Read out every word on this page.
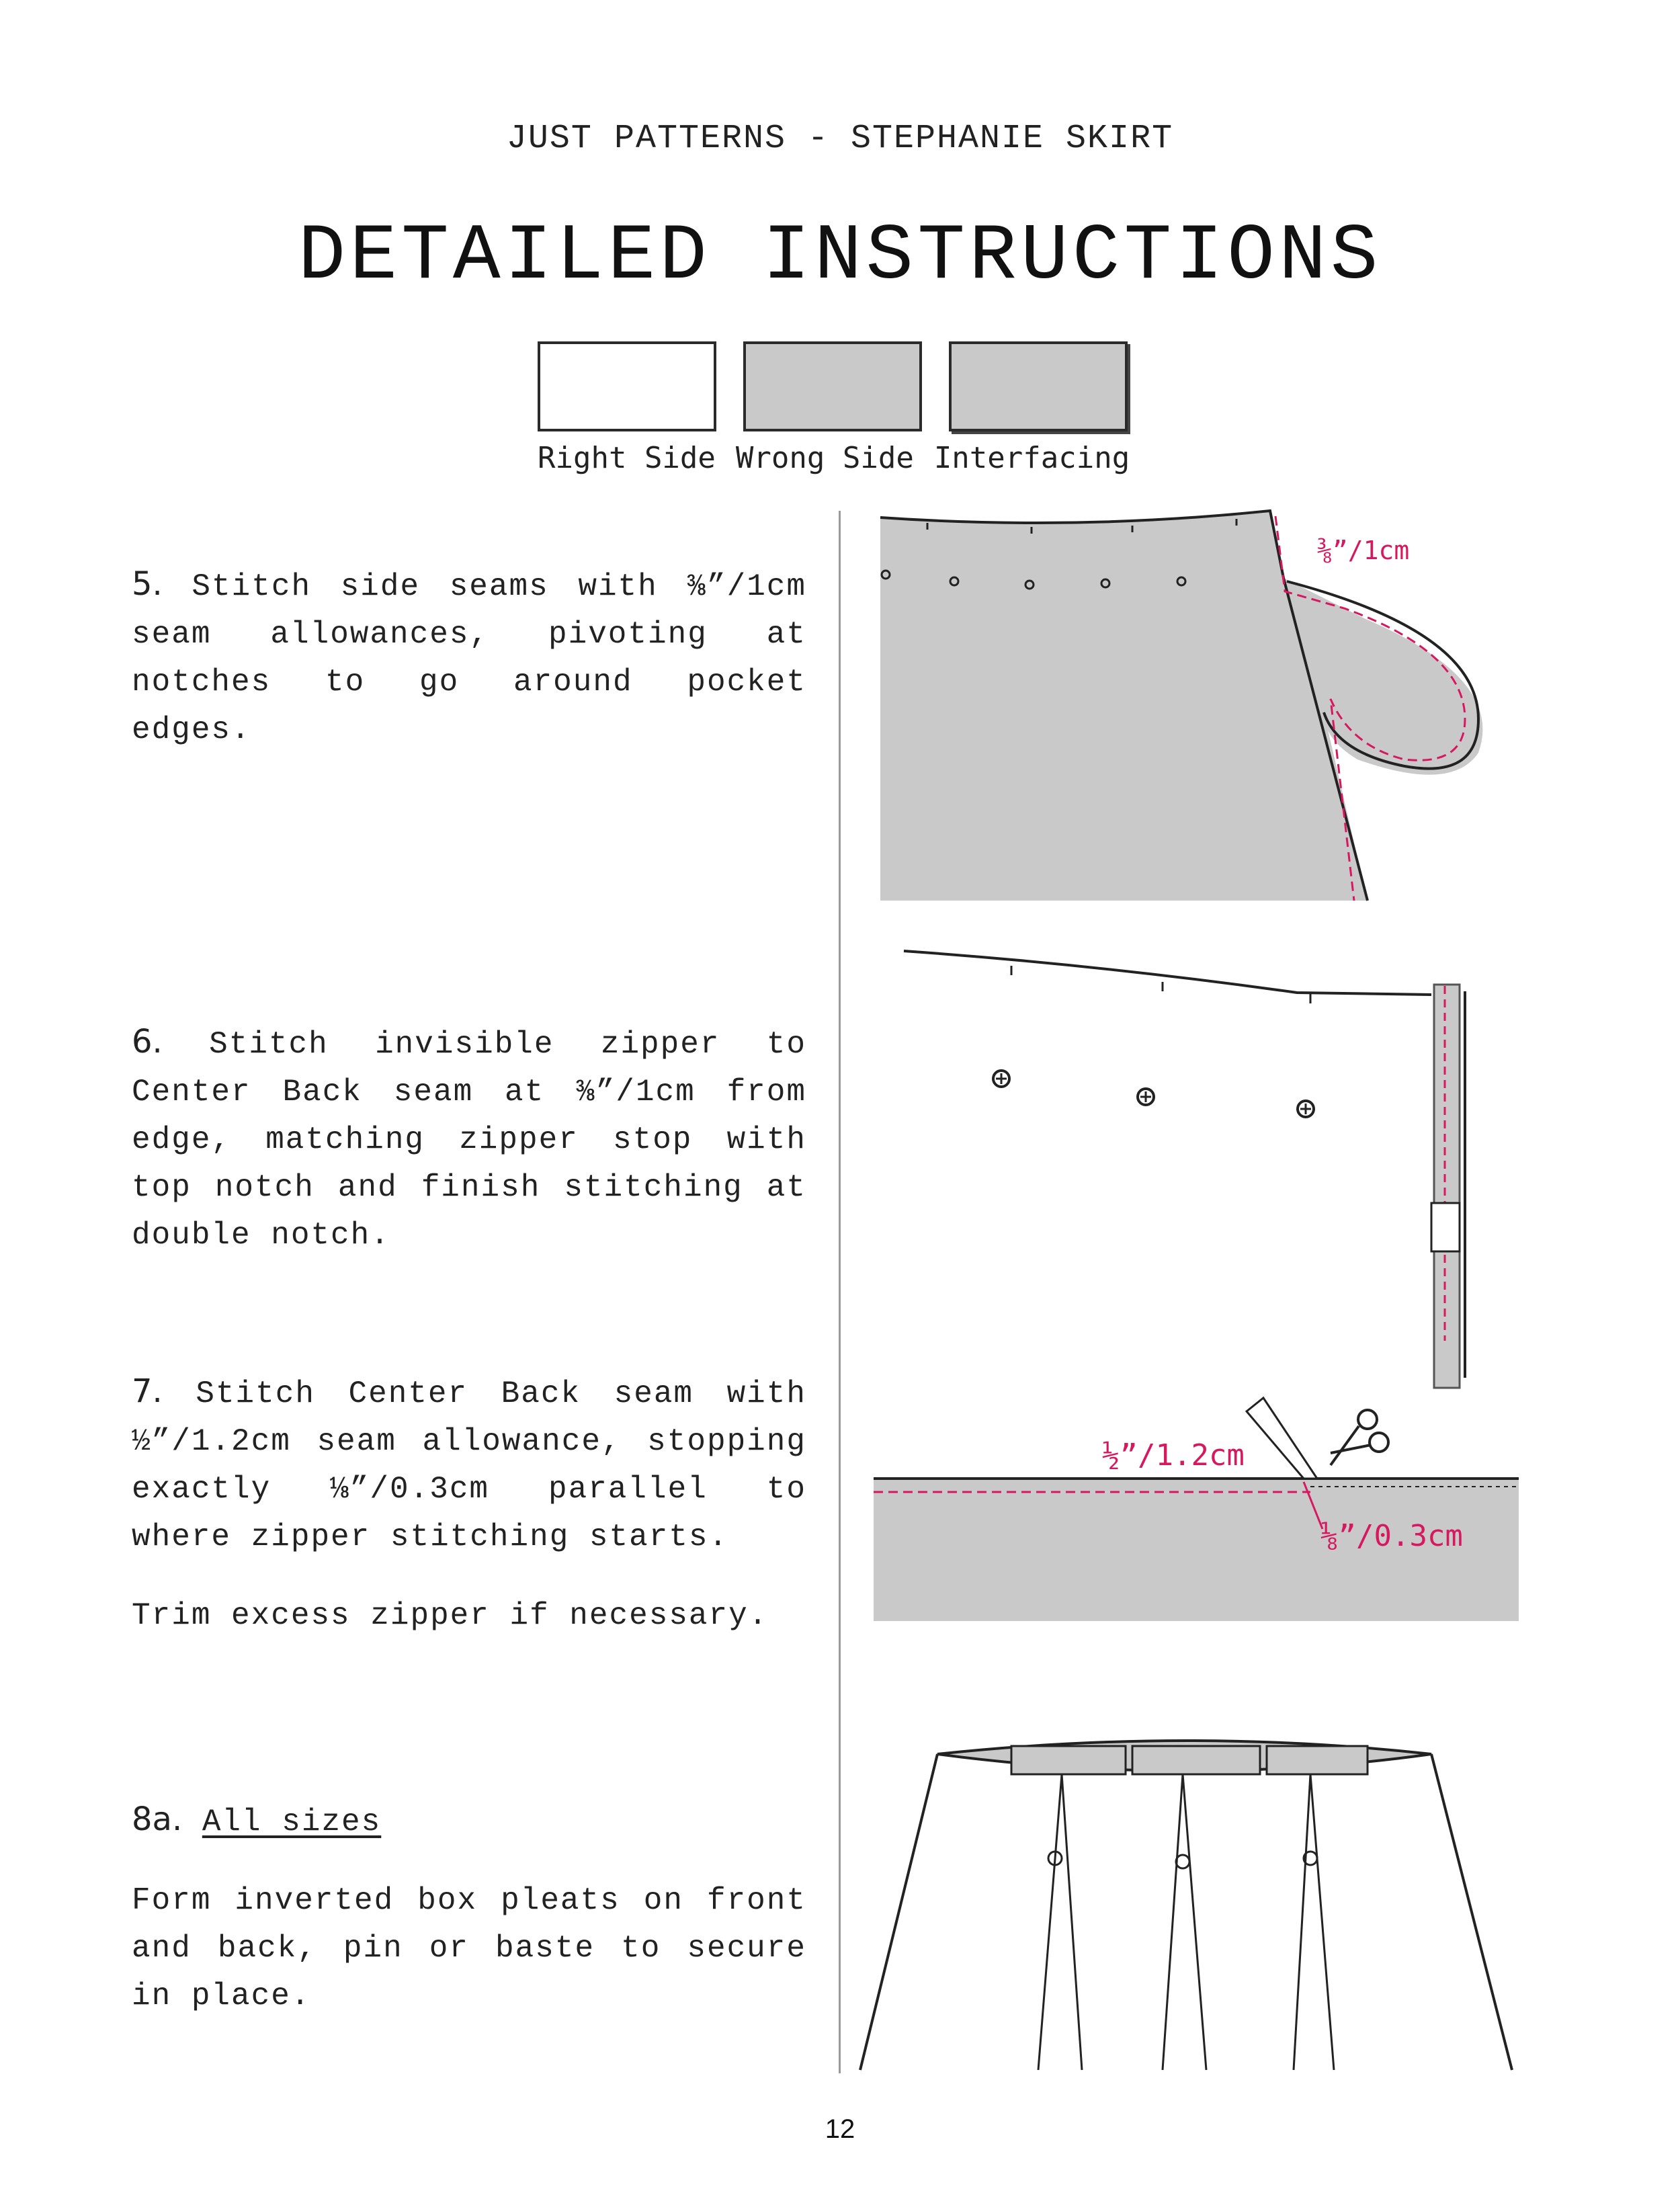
JUST PATTERNS - STEPHANIE SKIRT
DETAILED INSTRUCTIONS
Right Side Wrong Side Interfacing

5. Stitch side seams with ⅜”/1cm seam allowances, pivoting at notches to go around pocket edges.

6. Stitch invisible zipper to Center Back seam at ⅜”/1cm from edge, matching zipper stop with top notch and finish stitching at double notch.

7. Stitch Center Back seam with ½”/1.2cm seam allowance, stopping exactly ⅛”/0.3cm parallel to where zipper stitching starts.

Trim excess zipper if necessary.

8a. All sizes

Form inverted box pleats on front and back, pin or baste to secure in place.

⅜”/1cm
½”/1.2cm
⅛”/0.3cm
12
